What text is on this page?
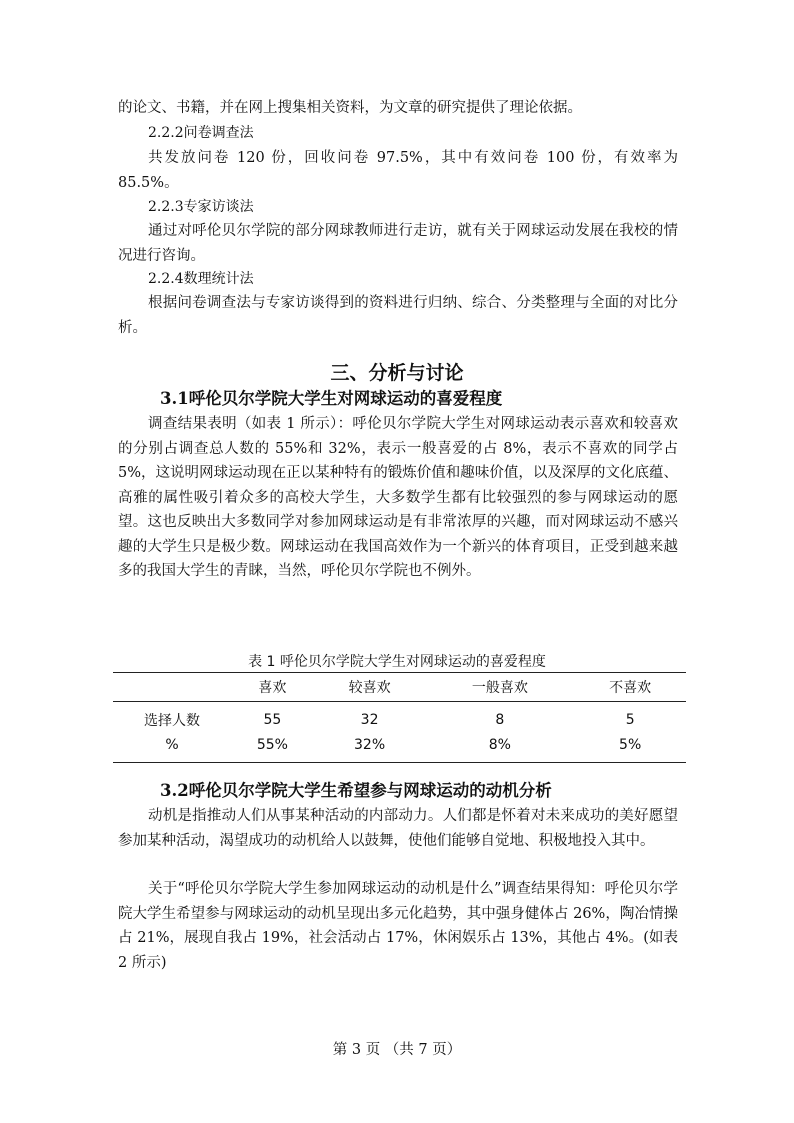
的论文、书籍，并在网上搜集相关资料，为文章的研究提供了理论依据。

2.2.2问卷调查法

共发放问卷 120 份，回收问卷 97.5%，其中有效问卷 100 份，有效率为 85.5%。

2.2.3专家访谈法

通过对呼伦贝尔学院的部分网球教师进行走访，就有关于网球运动发展在我校的情况进行咨询。

2.2.4数理统计法

根据问卷调查法与专家访谈得到的资料进行归纳、综合、分类整理与全面的对比分析。

三、分析与讨论

3.1呼伦贝尔学院大学生对网球运动的喜爱程度

调查结果表明（如表 1 所示）：呼伦贝尔学院大学生对网球运动表示喜欢和较喜欢的分别占调查总人数的 55%和 32%，表示一般喜爱的占 8%，表示不喜欢的同学占 5%，这说明网球运动现在正以某种特有的锻炼价值和趣味价值，以及深厚的文化底蕴、高雅的属性吸引着众多的高校大学生，大多数学生都有比较强烈的参与网球运动的愿望。这也反映出大多数同学对参加网球运动是有非常浓厚的兴趣，而对网球运动不感兴趣的大学生只是极少数。网球运动在我国高效作为一个新兴的体育项目，正受到越来越多的我国大学生的青睐，当然，呼伦贝尔学院也不例外。

表 1 呼伦贝尔学院大学生对网球运动的喜爱程度

	喜欢	较喜欢	一般喜欢	不喜欢
选择人数	55	32	8	5
%	55%	32%	8%	5%

3.2呼伦贝尔学院大学生希望参与网球运动的动机分析

动机是指推动人们从事某种活动的内部动力。人们都是怀着对未来成功的美好愿望参加某种活动，渴望成功的动机给人以鼓舞，使他们能够自觉地、积极地投入其中。

关于“呼伦贝尔学院大学生参加网球运动的动机是什么”调查结果得知：呼伦贝尔学院大学生希望参与网球运动的动机呈现出多元化趋势，其中强身健体占 26%，陶冶情操占 21%，展现自我占 19%，社会活动占 17%，休闲娱乐占 13%，其他占 4%。(如表 2 所示)

第 3 页 （共 7 页）
